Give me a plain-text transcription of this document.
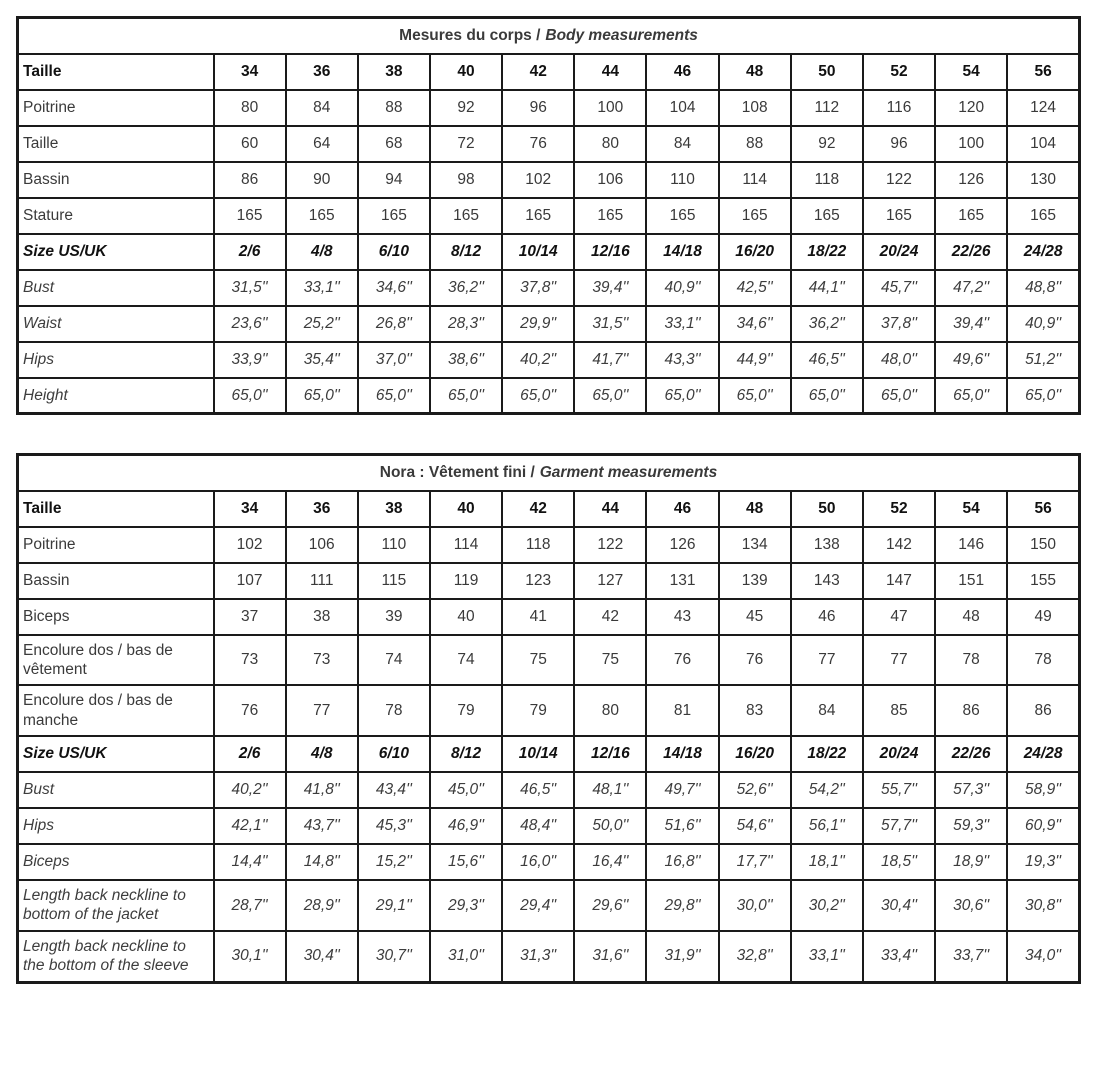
Mesures du corps / Body measurements												
Taille	34	36	38	40	42	44	46	48	50	52	54	56
Poitrine	80	84	88	92	96	100	104	108	112	116	120	124
Taille	60	64	68	72	76	80	84	88	92	96	100	104
Bassin	86	90	94	98	102	106	110	114	118	122	126	130
Stature	165	165	165	165	165	165	165	165	165	165	165	165
Size US/UK	2/6	4/8	6/10	8/12	10/14	12/16	14/18	16/20	18/22	20/24	22/26	24/28
Bust	31,5''	33,1''	34,6''	36,2''	37,8''	39,4''	40,9''	42,5''	44,1''	45,7''	47,2''	48,8''
Waist	23,6''	25,2''	26,8''	28,3''	29,9''	31,5''	33,1''	34,6''	36,2''	37,8''	39,4''	40,9''
Hips	33,9''	35,4''	37,0''	38,6''	40,2''	41,7''	43,3''	44,9''	46,5''	48,0''	49,6''	51,2''
Height	65,0''	65,0''	65,0''	65,0''	65,0''	65,0''	65,0''	65,0''	65,0''	65,0''	65,0''	65,0''
Nora : Vêtement fini / Garment measurements												
Taille	34	36	38	40	42	44	46	48	50	52	54	56
Poitrine	102	106	110	114	118	122	126	134	138	142	146	150
Bassin	107	111	115	119	123	127	131	139	143	147	151	155
Biceps	37	38	39	40	41	42	43	45	46	47	48	49
Encolure dos / bas de vêtement	73	73	74	74	75	75	76	76	77	77	78	78
Encolure dos / bas de manche	76	77	78	79	79	80	81	83	84	85	86	86
Size US/UK	2/6	4/8	6/10	8/12	10/14	12/16	14/18	16/20	18/22	20/24	22/26	24/28
Bust	40,2''	41,8''	43,4''	45,0''	46,5''	48,1''	49,7''	52,6''	54,2''	55,7''	57,3''	58,9''
Hips	42,1''	43,7''	45,3''	46,9''	48,4''	50,0''	51,6''	54,6''	56,1''	57,7''	59,3''	60,9''
Biceps	14,4''	14,8''	15,2''	15,6''	16,0''	16,4''	16,8''	17,7''	18,1''	18,5''	18,9''	19,3''
Length back neckline to bottom of the jacket	28,7''	28,9''	29,1''	29,3''	29,4''	29,6''	29,8''	30,0''	30,2''	30,4''	30,6''	30,8''
Length back neckline to the bottom of the sleeve	30,1''	30,4''	30,7''	31,0''	31,3''	31,6''	31,9''	32,8''	33,1''	33,4''	33,7''	34,0''
